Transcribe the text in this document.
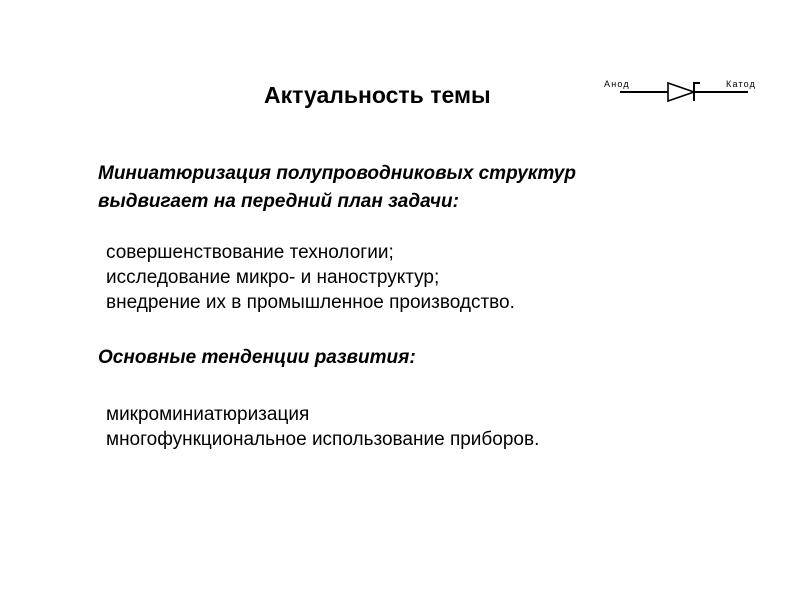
Актуальность темы	Анод	Катод
Миниатюризация полупроводниковых структур
выдвигает на передний план задачи:
совершенствование технологии;
исследование микро- и наноструктур;
внедрение их в промышленное производство.
Основные тенденции развития:
микроминиатюризация
многофункциональное использование приборов.
